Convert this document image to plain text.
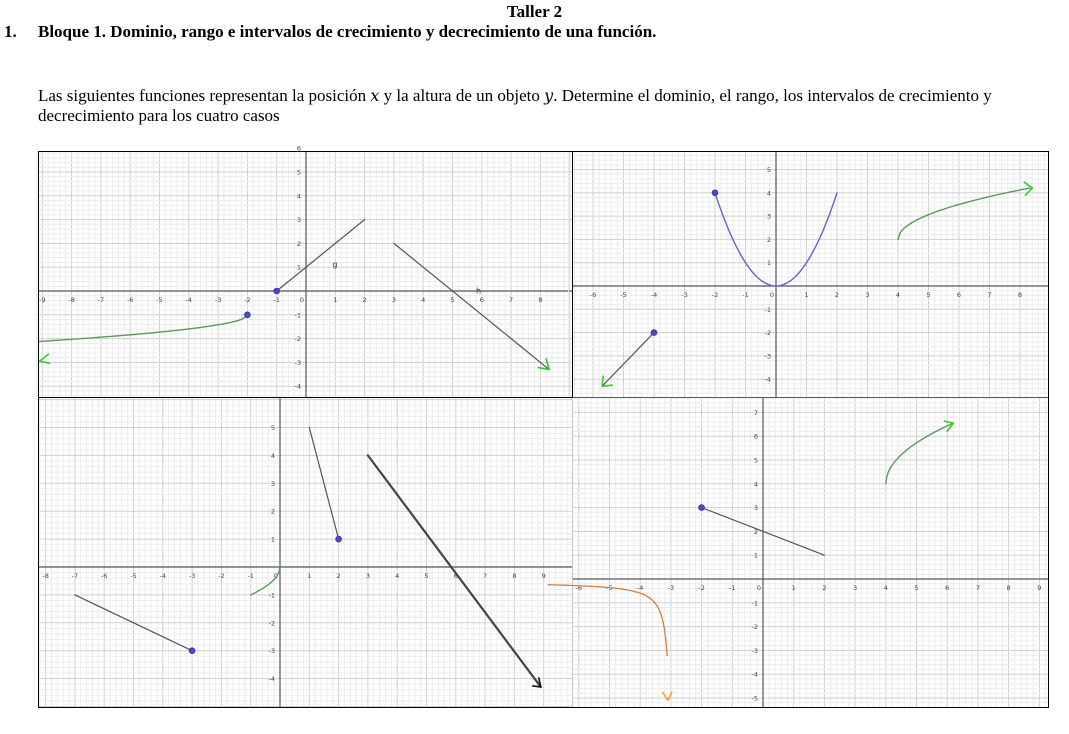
Taller 2
1. Bloque 1. Dominio, rango e intervalos de crecimiento y decrecimiento de una función.
Las siguientes funciones representan la posición x y la altura de un objeto y. Determine el dominio, el rango, los intervalos de crecimiento y decrecimiento para los cuatro casos
-9	-8	-7	-6	-5	-4	-3	-2	-1	0	1	2	3	4	5	6	7	8
-4
-3
-2
-1
1
2
3
4
5
6
g
h	-6	-5	-4	-3	-2	-1	0	1	2	3	4	5	6	7	8
-4
-3
-2
-1
1
2
3
4
5
-8	-7	-6	-5	-4	-3	-2	-1	0	1	2	3	4	5	6	7	8	9
-4
-3
-2
-1
1
2
3
4
5
-6	-5	-4	-3	-2	-1	0	1	2	3	4	5	6	7	8	9
-5
-4
-3
-2
-1
1
2
3
4
5
6
7
